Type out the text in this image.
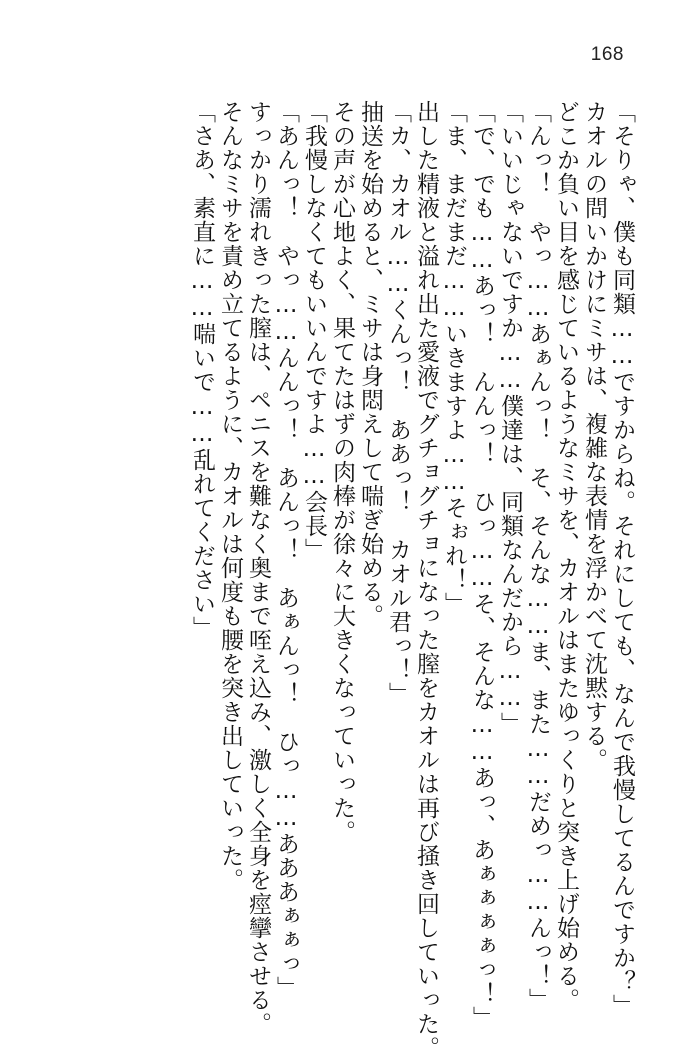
168
「そりゃ、僕も同類……ですからね。それにしても、なんで我慢してるんですか？」
カオルの問いかけにミサは、複雑な表情を浮かべて沈黙する。
どこか負い目を感じているようなミサを、カオルはまたゆっくりと突き上げ始める。
「んっ！　やっ……あぁんっ！　そ、そんな……ま、また……だめっ……んっ！」
「いいじゃないですか……僕達は、同類なんだから……」
「で、でも……あっ！　んんっ！　ひっ……そ、そんな……あっ、あぁぁぁぁっ！」
「ま、まだまだ……いきますよ……そぉれ！」
出した精液と溢れ出た愛液でグチョグチョになった膣をカオルは再び掻き回していった。
「カ、カオル……くんっ！　ああっ！　カオル君っ！」
抽送を始めると、ミサは身悶えして喘ぎ始める。
その声が心地よく、果てたはずの肉棒が徐々に大きくなっていった。
「我慢しなくてもいいんですよ……会長」
「あんっ！　やっ……んんっ！　あんっ！　あぁんっ！　ひっ……あああぁぁっ」
すっかり濡れきった膣は、ペニスを難なく奥まで咥え込み、激しく全身を痙攣させる。
そんなミサを責め立てるように、カオルは何度も腰を突き出していった。
「さあ、素直に……喘いで……乱れてください」
